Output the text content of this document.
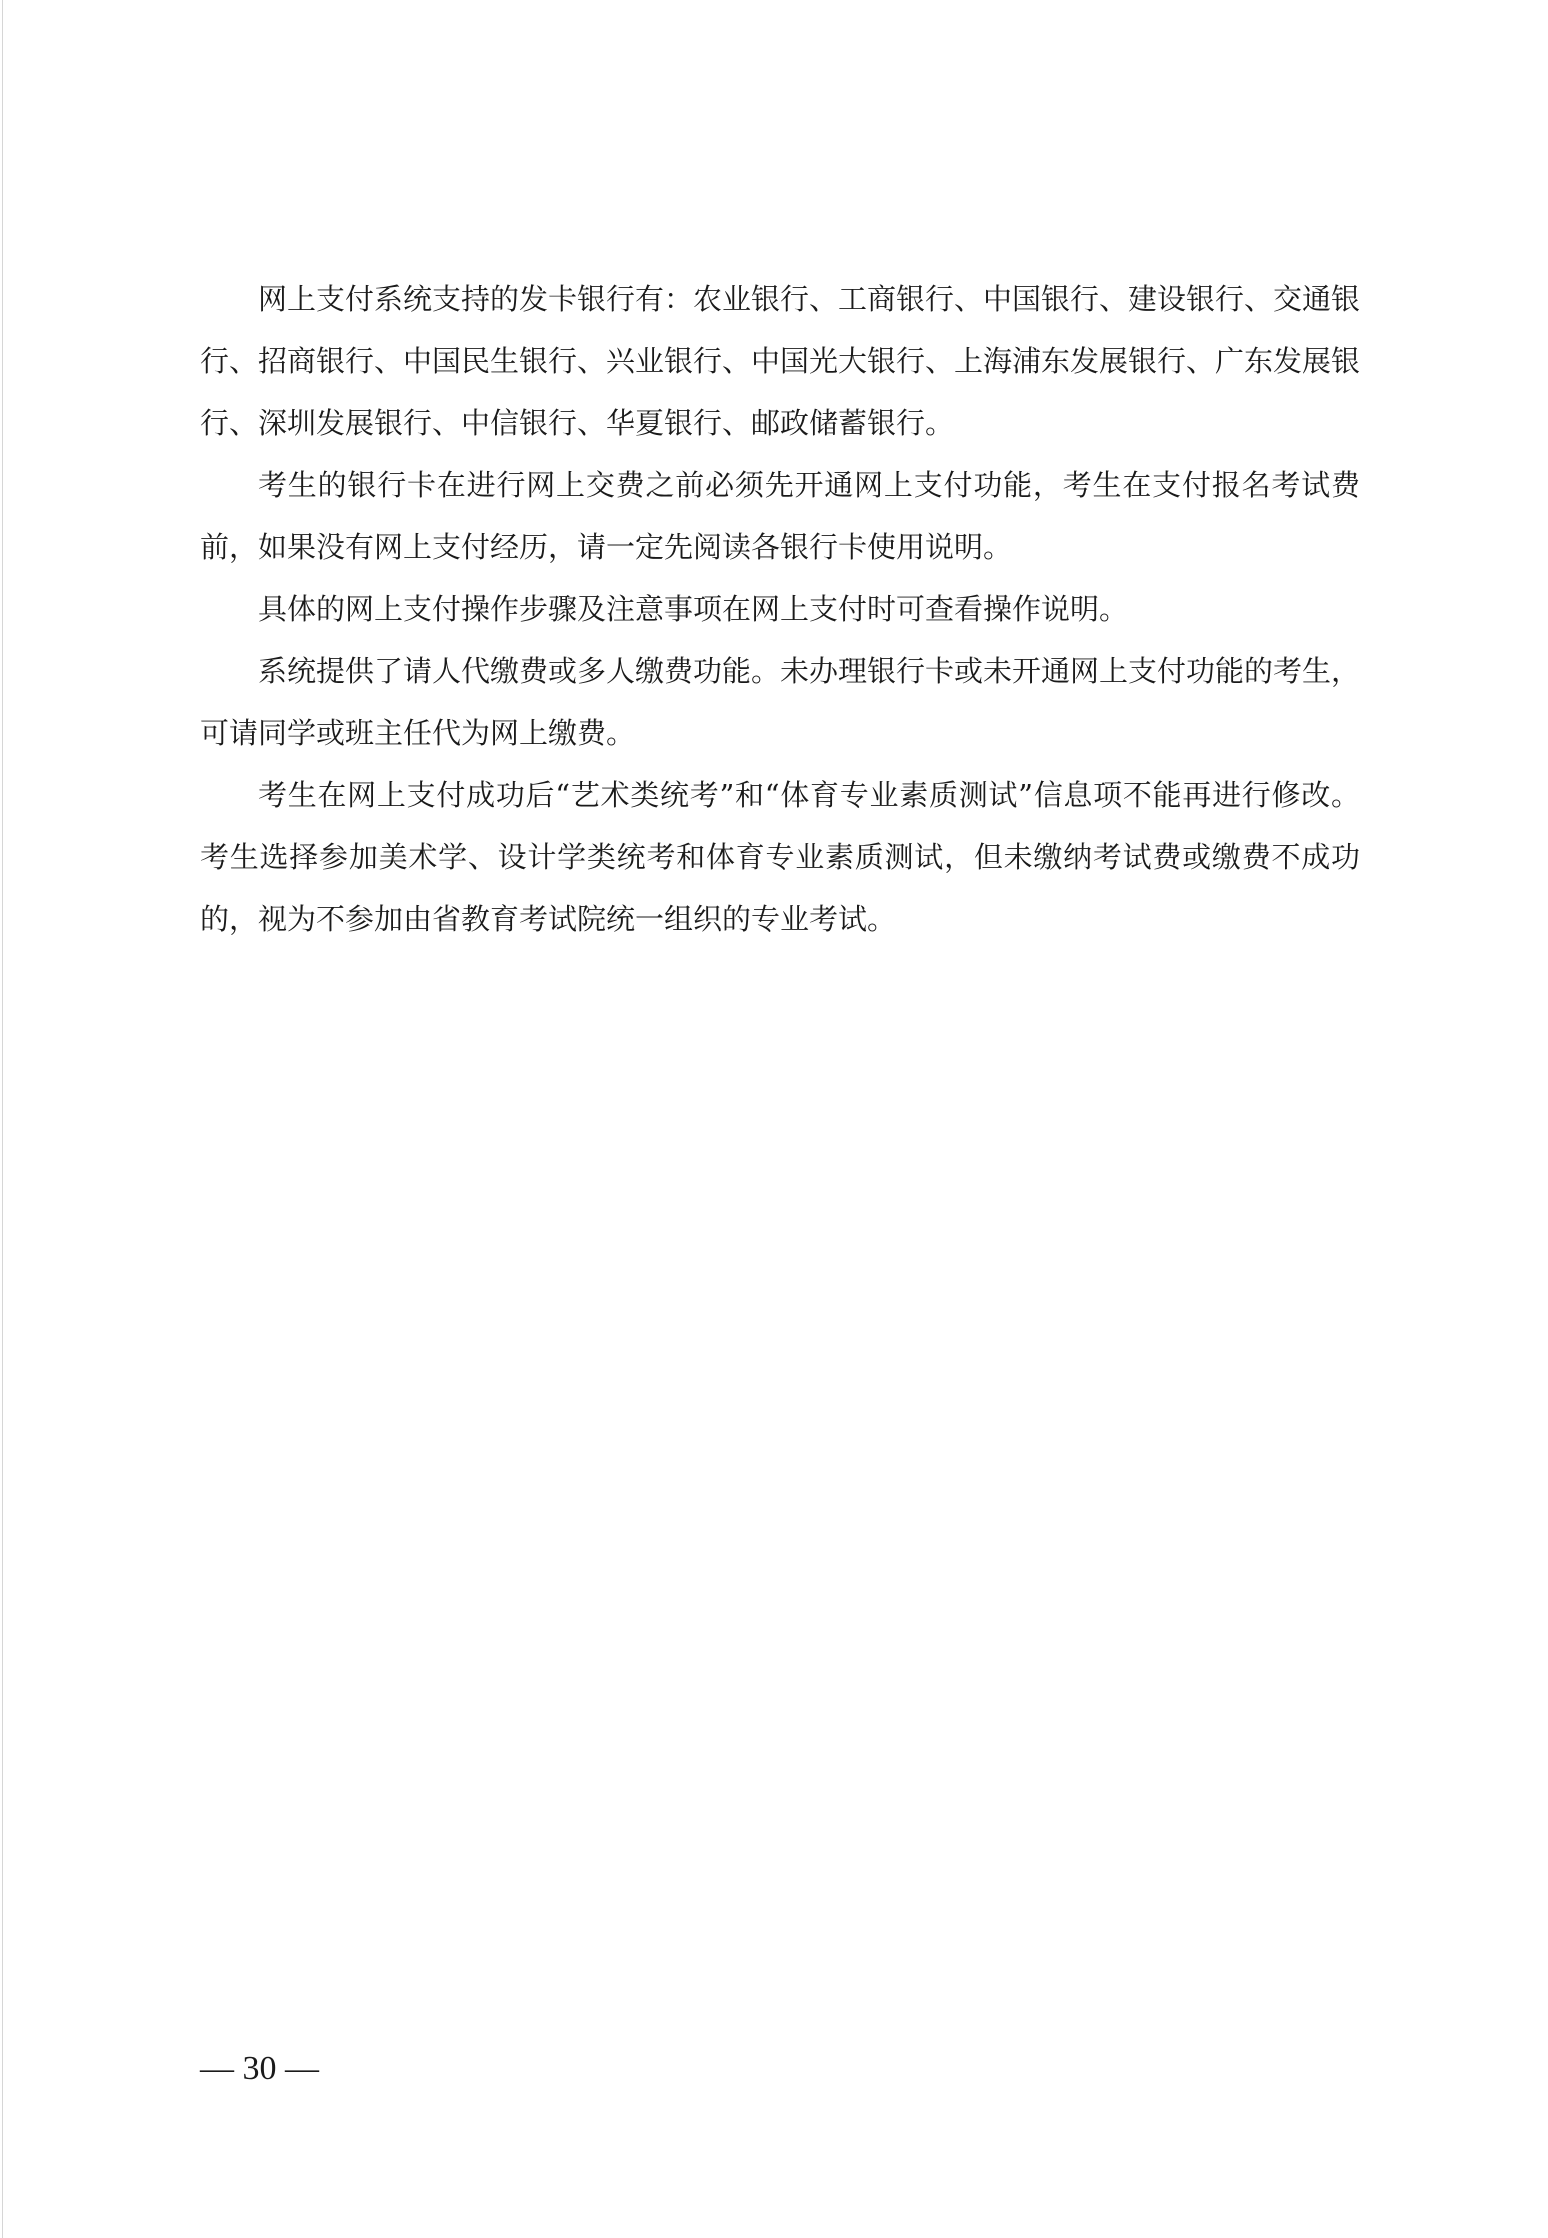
网上支付系统支持的发卡银行有：农业银行、工商银行、中国银行、建设银行、交通银行、招商银行、中国民生银行、兴业银行、中国光大银行、上海浦东发展银行、广东发展银行、深圳发展银行、中信银行、华夏银行、邮政储蓄银行。

考生的银行卡在进行网上交费之前必须先开通网上支付功能，考生在支付报名考试费前，如果没有网上支付经历，请一定先阅读各银行卡使用说明。

具体的网上支付操作步骤及注意事项在网上支付时可查看操作说明。

系统提供了请人代缴费或多人缴费功能。未办理银行卡或未开通网上支付功能的考生，可请同学或班主任代为网上缴费。

考生在网上支付成功后“艺术类统考”和“体育专业素质测试”信息项不能再进行修改。考生选择参加美术学、设计学类统考和体育专业素质测试，但未缴纳考试费或缴费不成功的，视为不参加由省教育考试院统一组织的专业考试。

— 30 —
